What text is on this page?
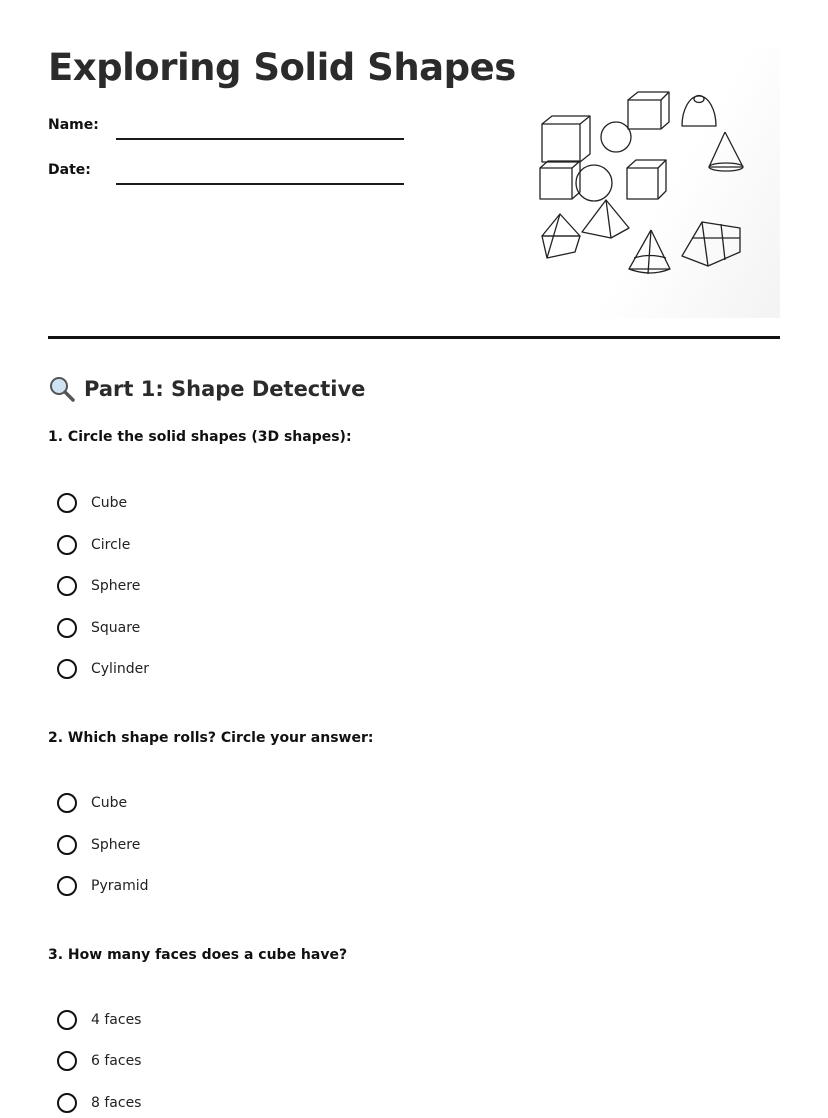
Exploring Solid Shapes
Name:
Date:
Part 1: Shape Detective

1. Circle the solid shapes (3D shapes):

Cube
Circle
Sphere
Square
Cylinder

2. Which shape rolls? Circle your answer:

Cube
Sphere
Pyramid

3. How many faces does a cube have?

4 faces
6 faces
8 faces
